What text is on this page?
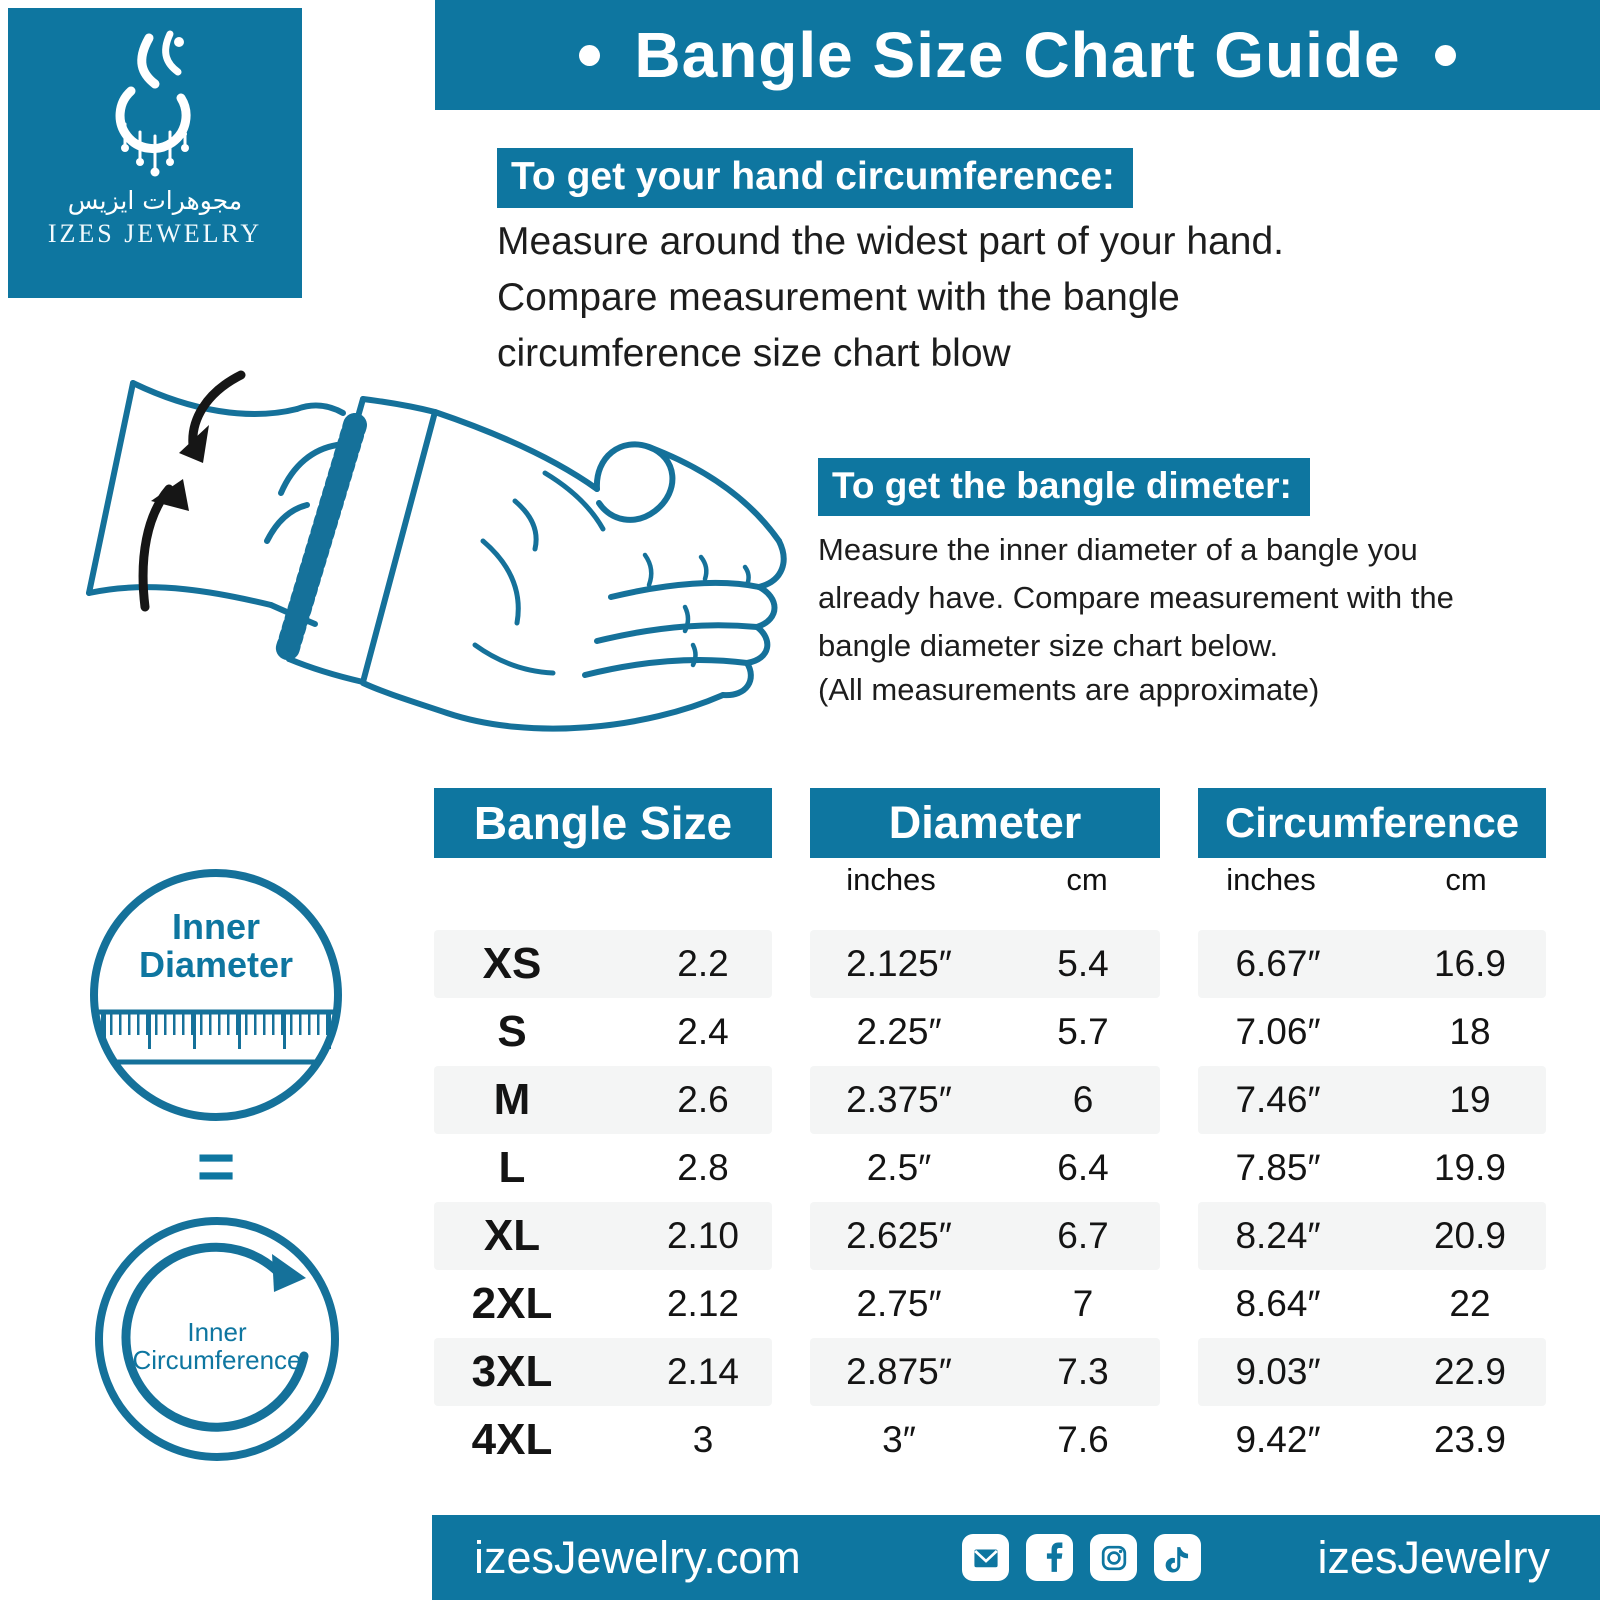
Bangle Size Chart Guide
مجوهرات ايزيس
IZES JEWELRY
To get your hand circumference:
Measure around the widest part of your hand. Compare measurement with the bangle circumference size chart blow
To get the bangle dimeter:
Measure the inner diameter of a bangle you already have. Compare measurement with the bangle diameter size chart below.
(All measurements are approximate)
Bangle Size	Diameter	Circumference
inches	cm	inches	cm
XS	2.2	2.125″	5.4	6.67″	16.9
S	2.4	2.25″	5.7	7.06″	18
M	2.6	2.375″	6	7.46″	19
L	2.8	2.5″	6.4	7.85″	19.9
XL	2.10	2.625″	6.7	8.24″	20.9
2XL	2.12	2.75″	7	8.64″	22
3XL	2.14	2.875″	7.3	9.03″	22.9
4XL	3	3″	7.6	9.42″	23.9
Inner
Diameter
=
Inner
Circumference
izesJewelry.com	izesJewelry
